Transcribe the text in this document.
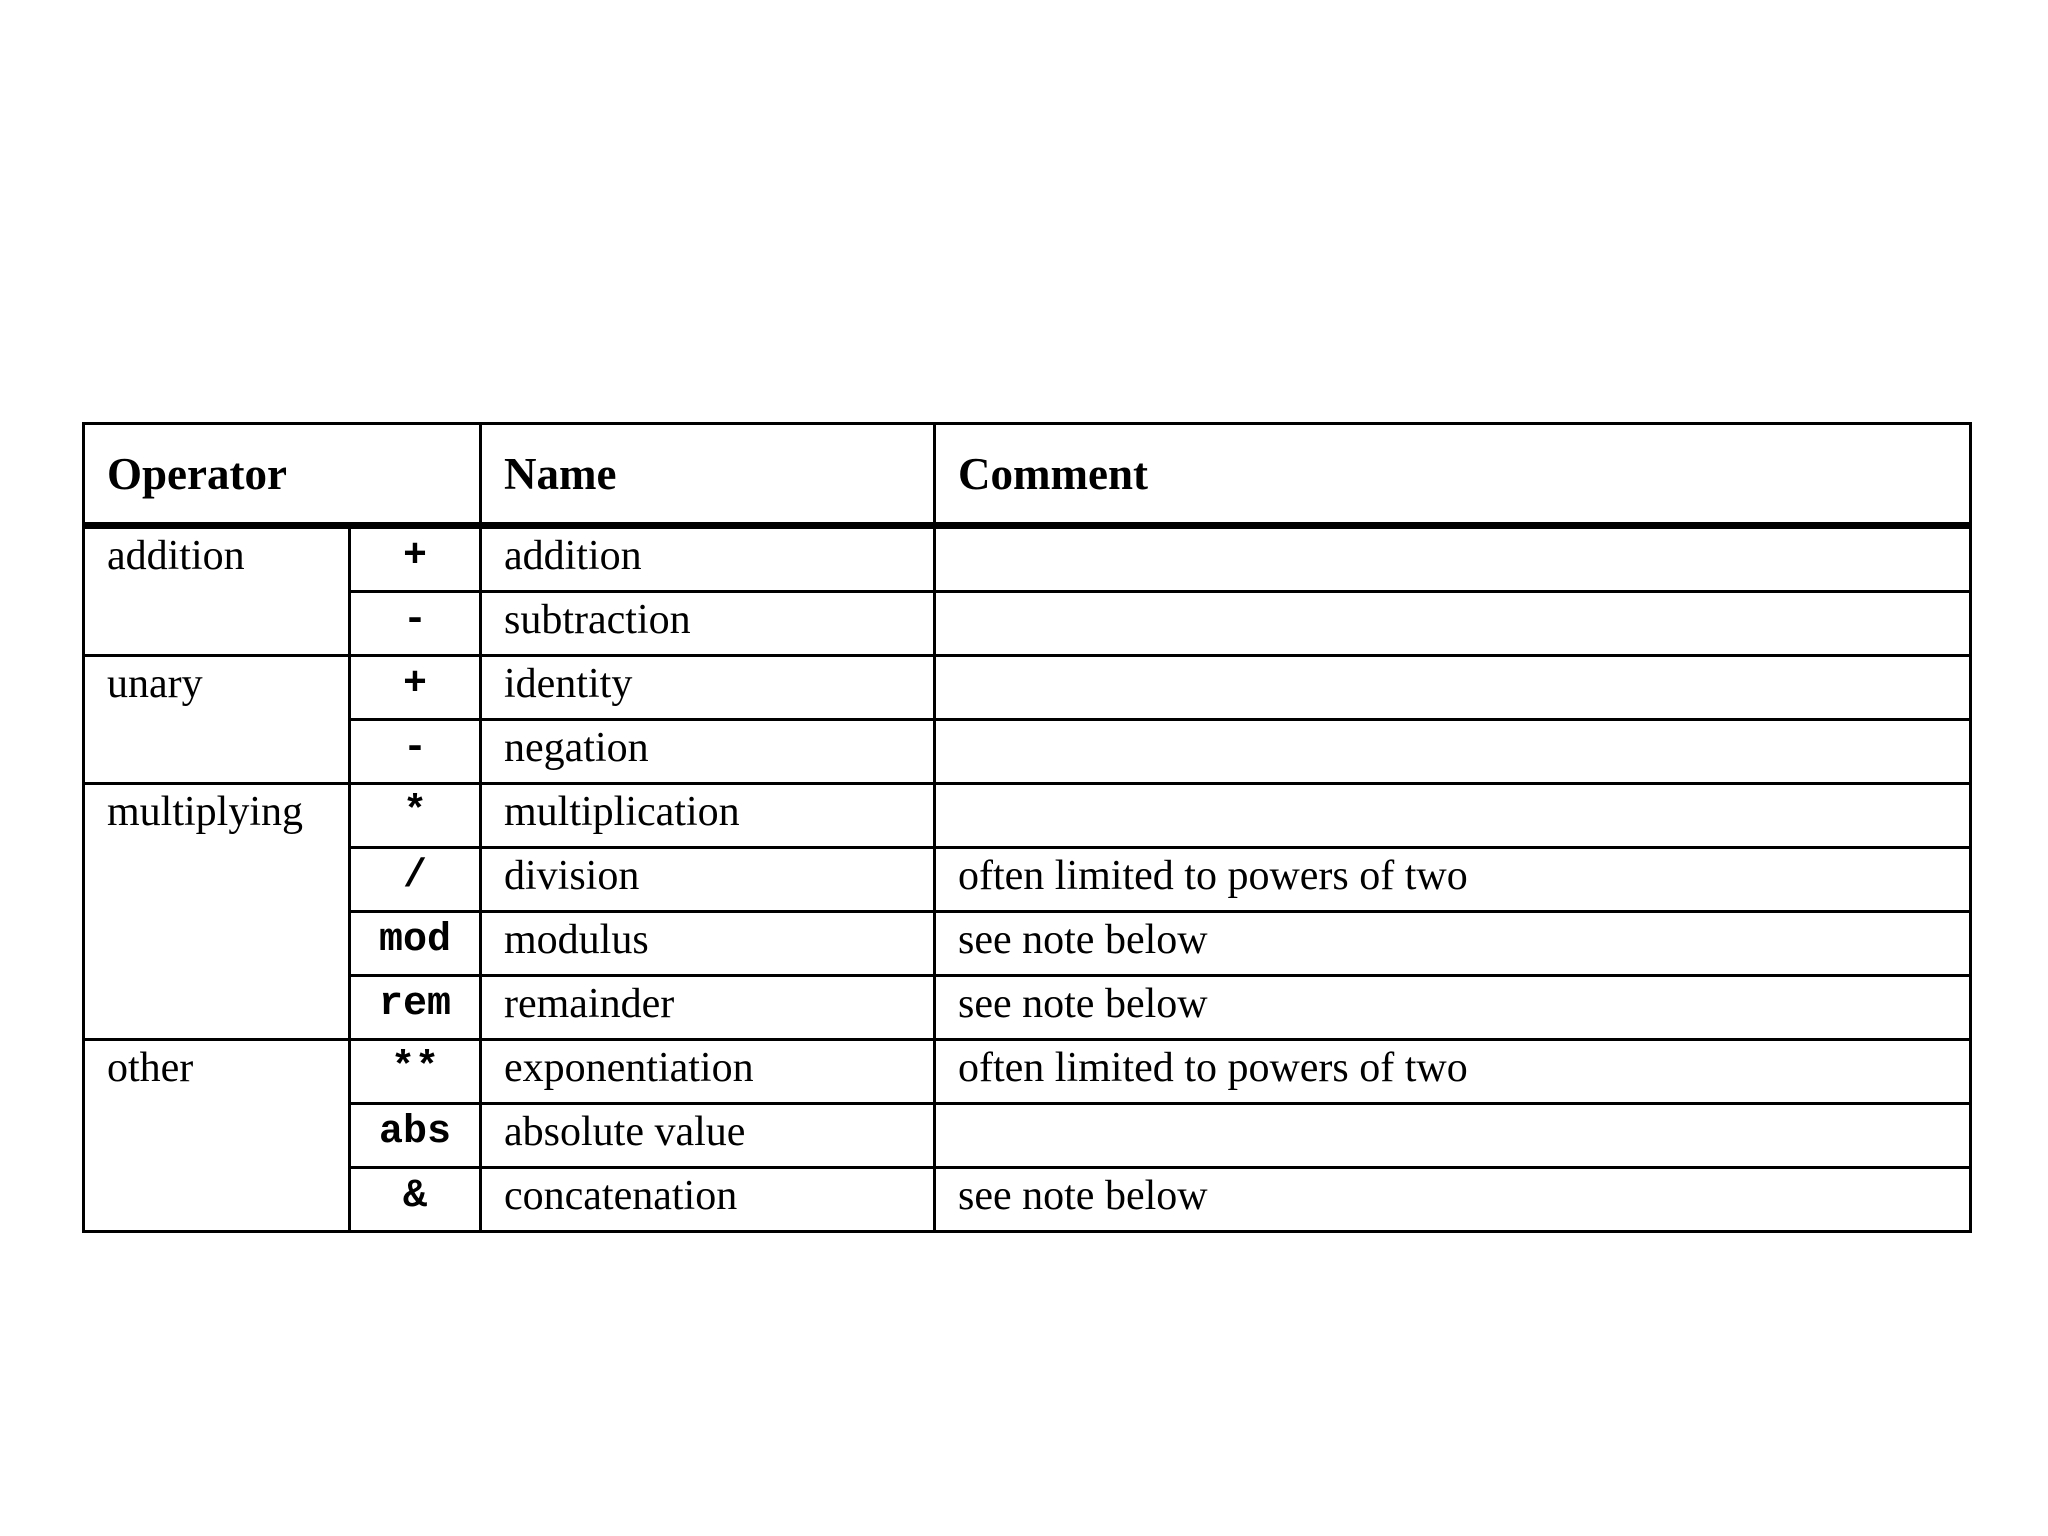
Operator		Name	Comment
addition	+	addition	
	-	subtraction	
unary	+	identity	
	-	negation	
multiplying	*	multiplication	
	/	division	often limited to powers of two
	mod	modulus	see note below
	rem	remainder	see note below
other	**	exponentiation	often limited to powers of two
	abs	absolute value	
	&	concatenation	see note below
